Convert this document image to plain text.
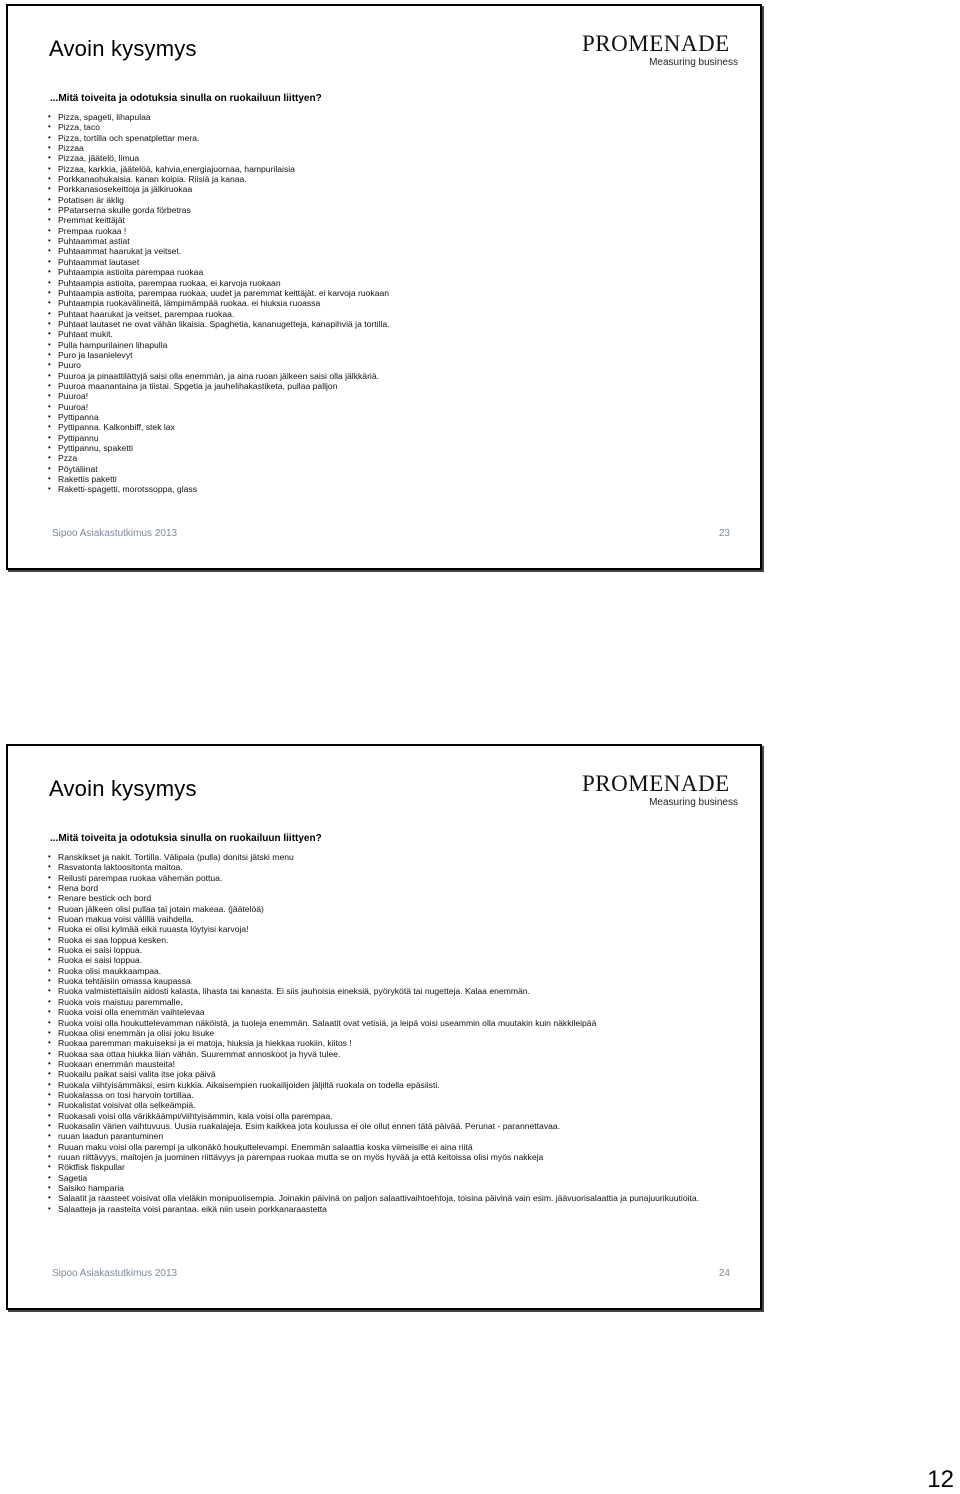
Avoin kysymys	PROMENADE
Measuring business
...Mitä toiveita ja odotuksia sinulla on ruokailuun liittyen?
• Pizza, spageti, lihapulaa
• Pizza, taco
• Pizza, tortilla och spenatplettar mera.
• Pizzaa
• Pizzaa, jäätelö, limua
• Pizzaa, karkkia, jäätelöä, kahvia,energiajuomaa, hampurilaisia
• Porkkanaohukaisia. kanan koipia. Riisiä ja kanaa.
• Porkkanasosekeittoja ja jälkiruokaa
• Potatisen är äklig
• PPatarserna skulle gorda förbetras
• Premmat keittäjät
• Prempaa ruokaa !
• Puhtaammat astiat
• Puhtaammat haarukat ja veitset.
• Puhtaammat lautaset
• Puhtaampia astioita parempaa ruokaa
• Puhtaampia astioita, parempaa ruokaa, ei karvoja ruokaan
• Puhtaampia astioita, parempaa ruokaa, uudet ja paremmat keittäjät. ei karvoja ruokaan
• Puhtaampia ruokavälineitä, lämpimämpää ruokaa. ei hiuksia ruoassa
• Puhtaat haarukat ja veitset, parempaa ruokaa.
• Puhtaat lautaset ne ovat vähän likaisia. Spaghetia, kananugetteja, kanapihviä ja tortilla.
• Puhtaat mukit.
• Pulla hampurilainen lihapulla
• Puro ja lasanielevyt
• Puuro
• Puuroa ja pinaattilättyjä saisi olla enemmän, ja aina ruoan jälkeen saisi olla jälkkäriä.
• Puuroa maanantaina ja tiistai. Spgetia ja jauhelihakastiketa, pullaa palljon
• Puuroa!
• Puuroa!
• Pyttipanna
• Pyttipanna. Kalkonbiff, stek lax
• Pyttipannu
• Pyttipannu, spaketti
• Pzza
• Pöytäliinat
• Rakettis paketti
• Raketti-spagetti, morotssoppa, glass
Sipoo Asiakastutkimus 2013	23
Avoin kysymys	PROMENADE
Measuring business
...Mitä toiveita ja odotuksia sinulla on ruokailuun liittyen?
• Ranskikset ja nakit. Tortilla. Välipala (pulla) donitsi jätski menu
• Rasvatonta laktoositonta maitoa.
• Reilusti parempaa ruokaa vähemän pottua.
• Rena bord
• Renare bestick och bord
• Ruoan jälkeen olisi pullaa taï jotain makeaa. (jäätelöä)
• Ruoan makua voisi välillä vaihdella.
• Ruoka ei olisi kylmää eikä ruuasta löytyisi karvoja!
• Ruoka ei saa loppua kesken.
• Ruoka ei saisi loppua.
• Ruoka ei saisi loppua.
• Ruoka olisi maukkaampaa.
• Ruoka tehtäisiin omassa kaupassa
• Ruoka valmistettaisiin aidosti kalasta, lihasta tai kanasta. Ei siis jauhoisia eineksiä, pyörykötä tai nugetteja. Kalaa enemmän.
• Ruoka vois maistuu paremmalle.
• Ruoka voisi olla enemmän vaihtelevaa
• Ruoka voisi olla houkuttelevamman näköistä, ja tuoleja enemmän. Salaatit ovat vetisiä, ja leipä voisi useammin olla muutakin kuin näkkileipää
• Ruokaa olisi enemmän ja olisi joku lisuke
• Ruokaa paremman makuiseksi ja ei matoja, hiuksia ja hiekkaa ruokiin, kiitos !
• Ruokaa saa ottaa hiukka liian vähän. Suuremmat annoskoot ja hyvä tulee.
• Ruokaan enemmän mausteita!
• Ruokailu paikat saisi valita itse joka päivä
• Ruokala viihtyisämmäksi, esim kukkia. Aikaisempien ruokailijoiden jäljiltä ruokala on todella epäsiisti.
• Ruokalassa on tosi harvoin tortillaa.
• Ruokalistat voisivat olla selkeämpiä.
• Ruokasali voisi olla värikkäämpi/viihtyisämmin, kala voisi olla parempaa.
• Ruokasalin värien vaihtuvuus. Uusia ruakalajeja. Esim kaikkea jota koulussa ei ole ollut ennen tätä päivää. Perunat - parannettavaa.
• ruuan laadun parantuminen
• Ruuan maku voisi olla parempi ja ulkonäkö houkuttelevampi. Enemmän salaattia koska viimeisille ei aina riitä
• ruuan riittävyys, maitojen ja juominen riittävyys ja parempaa ruokaa mutta se on myös hyvää ja että keitoissa olisi myös nakkeja
• Röktfisk fiskpullar
• Sagetia
• Saisiko hamparia
• Salaatit ja raasteet voisivat olla vieläkin monipuolisempia. Joinakin päivinä on paljon salaattivaihtoehtoja, toisina päivinä vain esim. jäävuorisalaattia ja punajuurikuutioita.
• Salaatteja ja raasteita voisi parantaa. eikä niin usein porkkanaraastetta
Sipoo Asiakastutkimus 2013	24
12
